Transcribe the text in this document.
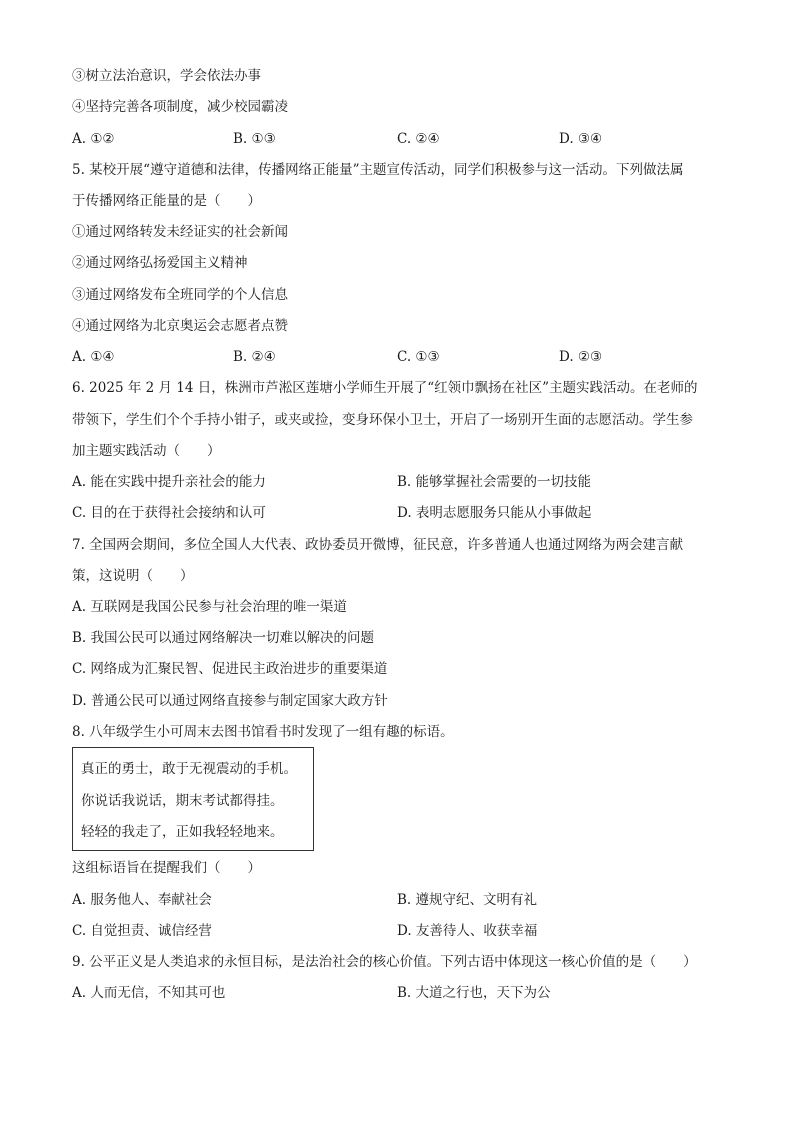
③树立法治意识，学会依法办事
④坚持完善各项制度，减少校园霸凌
A. ①②	B. ①③	C. ②④	D. ③④
5. 某校开展“遵守道德和法律，传播网络正能量”主题宣传活动，同学们积极参与这一活动。下列做法属
于传播网络正能量的是（　　）
①通过网络转发未经证实的社会新闻
②通过网络弘扬爱国主义精神
③通过网络发布全班同学的个人信息
④通过网络为北京奥运会志愿者点赞
A. ①④	B. ②④	C. ①③	D. ②③
6. 2025 年 2 月 14 日，株洲市芦淞区莲塘小学师生开展了“红领巾飘扬在社区”主题实践活动。在老师的
带领下，学生们个个手持小钳子，或夹或捡，变身环保小卫士，开启了一场别开生面的志愿活动。学生参
加主题实践活动（　　）
A. 能在实践中提升亲社会的能力	B. 能够掌握社会需要的一切技能
C. 目的在于获得社会接纳和认可	D. 表明志愿服务只能从小事做起
7. 全国两会期间，多位全国人大代表、政协委员开微博，征民意，许多普通人也通过网络为两会建言献
策，这说明（　　）
A. 互联网是我国公民参与社会治理的唯一渠道
B. 我国公民可以通过网络解决一切难以解决的问题
C. 网络成为汇聚民智、促进民主政治进步的重要渠道
D. 普通公民可以通过网络直接参与制定国家大政方针
8. 八年级学生小可周末去图书馆看书时发现了一组有趣的标语。
真正的勇士，敢于无视震动的手机。
你说话我说话，期末考试都得挂。
轻轻的我走了，正如我轻轻地来。
这组标语旨在提醒我们（　　）
A. 服务他人、奉献社会	B. 遵规守纪、文明有礼
C. 自觉担责、诚信经营	D. 友善待人、收获幸福
9. 公平正义是人类追求的永恒目标，是法治社会的核心价值。下列古语中体现这一核心价值的是（　　）
A. 人而无信，不知其可也	B. 大道之行也，天下为公
